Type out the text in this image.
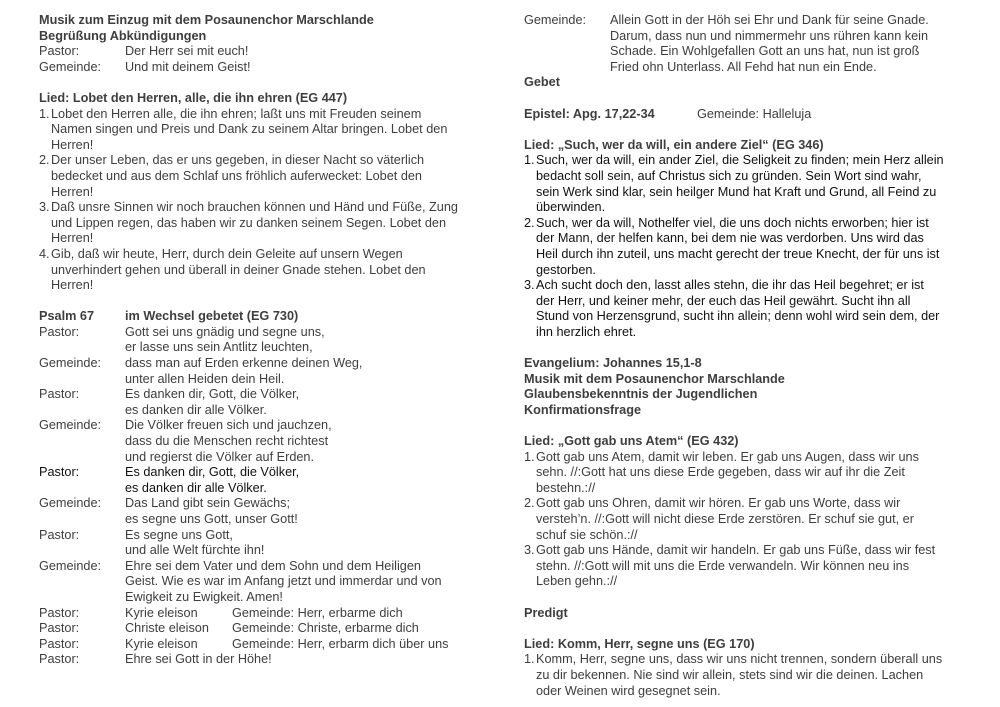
Musik zum Einzug mit dem Posaunenchor Marschlande
Begrüßung Abkündigungen
Pastor:	Der Herr sei mit euch!
Gemeinde:	Und mit deinem Geist!
Lied: Lobet den Herren, alle, die ihn ehren (EG 447)
1. Lobet den Herren alle, die ihn ehren; laßt uns mit Freuden seinem
Namen singen und Preis und Dank zu seinem Altar bringen. Lobet den
Herren!
2. Der unser Leben, das er uns gegeben, in dieser Nacht so väterlich
bedecket und aus dem Schlaf uns fröhlich auferwecket: Lobet den
Herren!
3. Daß unsre Sinnen wir noch brauchen können und Händ und Füße, Zung
und Lippen regen, das haben wir zu danken seinem Segen. Lobet den
Herren!
4. Gib, daß wir heute, Herr, durch dein Geleite auf unsern Wegen
unverhindert gehen und überall in deiner Gnade stehen. Lobet den
Herren!
Psalm 67	im Wechsel gebetet (EG 730)
Pastor:	Gott sei uns gnädig und segne uns,
er lasse uns sein Antlitz leuchten,
Gemeinde:	dass man auf Erden erkenne deinen Weg,
unter allen Heiden dein Heil.
Pastor:	Es danken dir, Gott, die Völker,
es danken dir alle Völker.
Gemeinde:	Die Völker freuen sich und jauchzen,
dass du die Menschen recht richtest
und regierst die Völker auf Erden.
Pastor:	Es danken dir, Gott, die Völker,
es danken dir alle Völker.
Gemeinde:	Das Land gibt sein Gewächs;
es segne uns Gott, unser Gott!
Pastor:	Es segne uns Gott,
und alle Welt fürchte ihn!
Gemeinde:	Ehre sei dem Vater und dem Sohn und dem Heiligen
Geist. Wie es war im Anfang jetzt und immerdar und von
Ewigkeit zu Ewigkeit. Amen!
Pastor:	Kyrie eleison	Gemeinde: Herr, erbarme dich
Pastor:	Christe eleison Gemeinde: Christe, erbarme dich
Pastor:	Kyrie eleison	Gemeinde: Herr, erbarm dich über uns
Pastor:	Ehre sei Gott in der Höhe!
Gemeinde:	Allein Gott in der Höh sei Ehr und Dank für seine Gnade.
Darum, dass nun und nimmermehr uns rühren kann kein
Schade. Ein Wohlgefallen Gott an uns hat, nun ist groß
Fried ohn Unterlass. All Fehd hat nun ein Ende.
Gebet
Epistel: Apg. 17,22-34	Gemeinde: Halleluja
Lied: „Such, wer da will, ein andere Ziel“ (EG 346)
1. Such, wer da will, ein ander Ziel, die Seligkeit zu finden; mein Herz allein
bedacht soll sein, auf Christus sich zu gründen. Sein Wort sind wahr,
sein Werk sind klar, sein heilger Mund hat Kraft und Grund, all Feind zu
überwinden.
2. Such, wer da will, Nothelfer viel, die uns doch nichts erworben; hier ist
der Mann, der helfen kann, bei dem nie was verdorben. Uns wird das
Heil durch ihn zuteil, uns macht gerecht der treue Knecht, der für uns ist
gestorben.
3. Ach sucht doch den, lasst alles stehn, die ihr das Heil begehret; er ist
der Herr, und keiner mehr, der euch das Heil gewährt. Sucht ihn all
Stund von Herzensgrund, sucht ihn allein; denn wohl wird sein dem, der
ihn herzlich ehret.
Evangelium: Johannes 15,1-8
Musik mit dem Posaunenchor Marschlande
Glaubensbekenntnis der Jugendlichen
Konfirmationsfrage
Lied: „Gott gab uns Atem“ (EG 432)
1. Gott gab uns Atem, damit wir leben. Er gab uns Augen, dass wir uns
sehn. //:Gott hat uns diese Erde gegeben, dass wir auf ihr die Zeit
bestehn.://
2. Gott gab uns Ohren, damit wir hören. Er gab uns Worte, dass wir
versteh’n. //:Gott will nicht diese Erde zerstören. Er schuf sie gut, er
schuf sie schön.://
3. Gott gab uns Hände, damit wir handeln. Er gab uns Füße, dass wir fest
stehn. //:Gott will mit uns die Erde verwandeln. Wir können neu ins
Leben gehn.://
Predigt
Lied: Komm, Herr, segne uns (EG 170)
1. Komm, Herr, segne uns, dass wir uns nicht trennen, sondern überall uns
zu dir bekennen. Nie sind wir allein, stets sind wir die deinen. Lachen
oder Weinen wird gesegnet sein.
